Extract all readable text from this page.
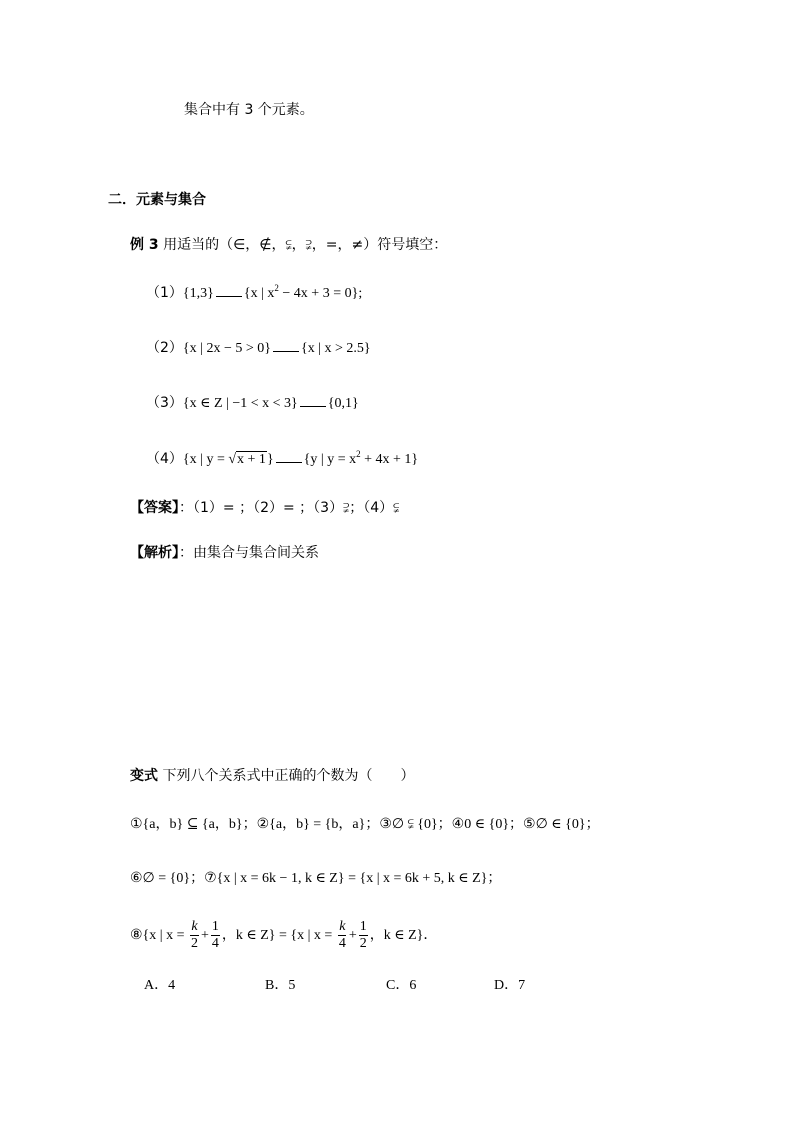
集合中有 3 个元素。
二．元素与集合
例 3 用适当的（∈，∉，⫋，⫌，=，≠）符号填空：
（1）{1,3} {x | $x^2 - 4x + 3 = 0$};
（2）{x | 2x − 5 > 0} {x | x > 2.5}
（3）{x ∈ Z | −1 < x < 3} {0,1}
（4）{x | y = √x + 1} {y | $y = x^2 + 4x + 1$}
【答案】：（1）= ；（2）= ；（3）⫌；（4）⫋
【解析】：由集合与集合间关系
变式 下列八个关系式中正确的个数为（　　）
①{a，b} ⊆ {a，b}；②{a，b} = {b，a}；③∅ ⫋ {0}；④0 ∈ {0}；⑤∅ ∈ {0}；
⑥∅ = {0}；⑦{x | x = 6k − 1, k ∈ Z} = {x | x = 6k + 5, k ∈ Z}；
⑧{x | $x = \frac{k}{2} + \frac{1}{4}$ ，k ∈ Z} = {x | $x = \frac{k}{4} + \frac{1}{2}$ ，k ∈ Z}．
A．4	B．5	C．6	D．7
